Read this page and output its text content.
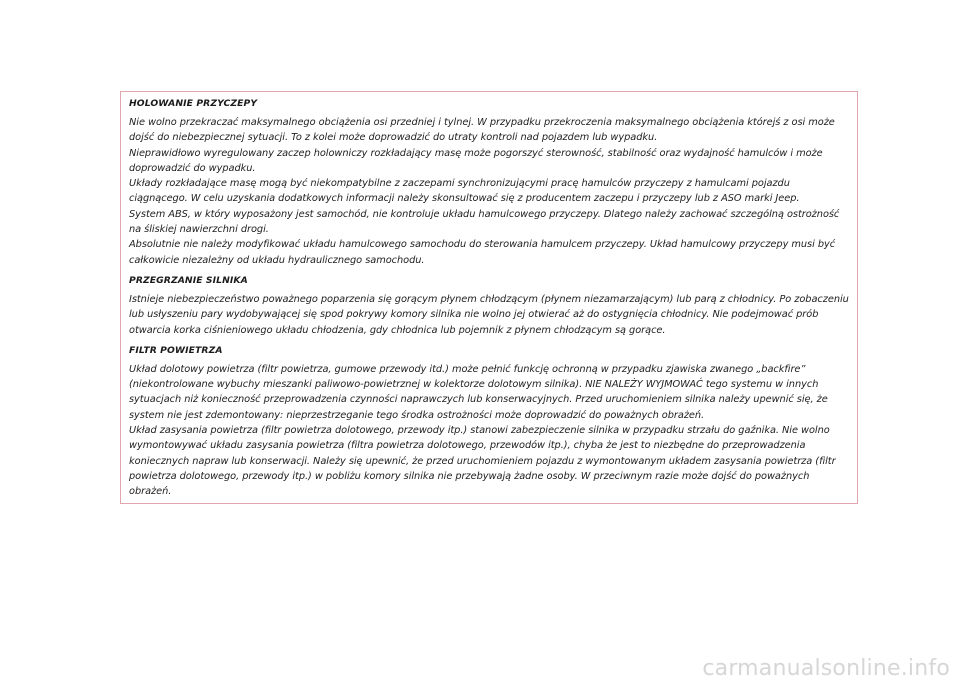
HOLOWANIE PRZYCZEPY

Nie wolno przekraczać maksymalnego obciążenia osi przedniej i tylnej. W przypadku przekroczenia maksymalnego obciążenia którejś z osi może dojść do niebezpiecznej sytuacji. To z kolei może doprowadzić do utraty kontroli nad pojazdem lub wypadku.

Nieprawidłowo wyregulowany zaczep holowniczy rozkładający masę może pogorszyć sterowność, stabilność oraz wydajność hamulców i może doprowadzić do wypadku.

Układy rozkładające masę mogą być niekompatybilne z zaczepami synchronizującymi pracę hamulców przyczepy z hamulcami pojazdu ciągnącego. W celu uzyskania dodatkowych informacji należy skonsultować się z producentem zaczepu i przyczepy lub z ASO marki Jeep.

System ABS, w który wyposażony jest samochód, nie kontroluje układu hamulcowego przyczepy. Dlatego należy zachować szczególną ostrożność na śliskiej nawierzchni drogi.

Absolutnie nie należy modyfikować układu hamulcowego samochodu do sterowania hamulcem przyczepy. Układ hamulcowy przyczepy musi być całkowicie niezależny od układu hydraulicznego samochodu.

PRZEGRZANIE SILNIKA

Istnieje niebezpieczeństwo poważnego poparzenia się gorącym płynem chłodzącym (płynem niezamarzającym) lub parą z chłodnicy. Po zobaczeniu lub usłyszeniu pary wydobywającej się spod pokrywy komory silnika nie wolno jej otwierać aż do ostygnięcia chłodnicy. Nie podejmować prób otwarcia korka ciśnieniowego układu chłodzenia, gdy chłodnica lub pojemnik z płynem chłodzącym są gorące.

FILTR POWIETRZA

Układ dolotowy powietrza (filtr powietrza, gumowe przewody itd.) może pełnić funkcję ochronną w przypadku zjawiska zwanego „backfire” (niekontrolowane wybuchy mieszanki paliwowo-powietrznej w kolektorze dolotowym silnika). NIE NALEŻY WYJMOWAĆ tego systemu w innych sytuacjach niż konieczność przeprowadzenia czynności naprawczych lub konserwacyjnych. Przed uruchomieniem silnika należy upewnić się, że system nie jest zdemontowany: nieprzestrzeganie tego środka ostrożności może doprowadzić do poważnych obrażeń.

Układ zasysania powietrza (filtr powietrza dolotowego, przewody itp.) stanowi zabezpieczenie silnika w przypadku strzału do gaźnika. Nie wolno wymontowywać układu zasysania powietrza (filtra powietrza dolotowego, przewodów itp.), chyba że jest to niezbędne do przeprowadzenia koniecznych napraw lub konserwacji. Należy się upewnić, że przed uruchomieniem pojazdu z wymontowanym układem zasysania powietrza (filtr powietrza dolotowego, przewody itp.) w pobliżu komory silnika nie przebywają żadne osoby. W przeciwnym razie może dojść do poważnych obrażeń.

carmanualsonline.info
